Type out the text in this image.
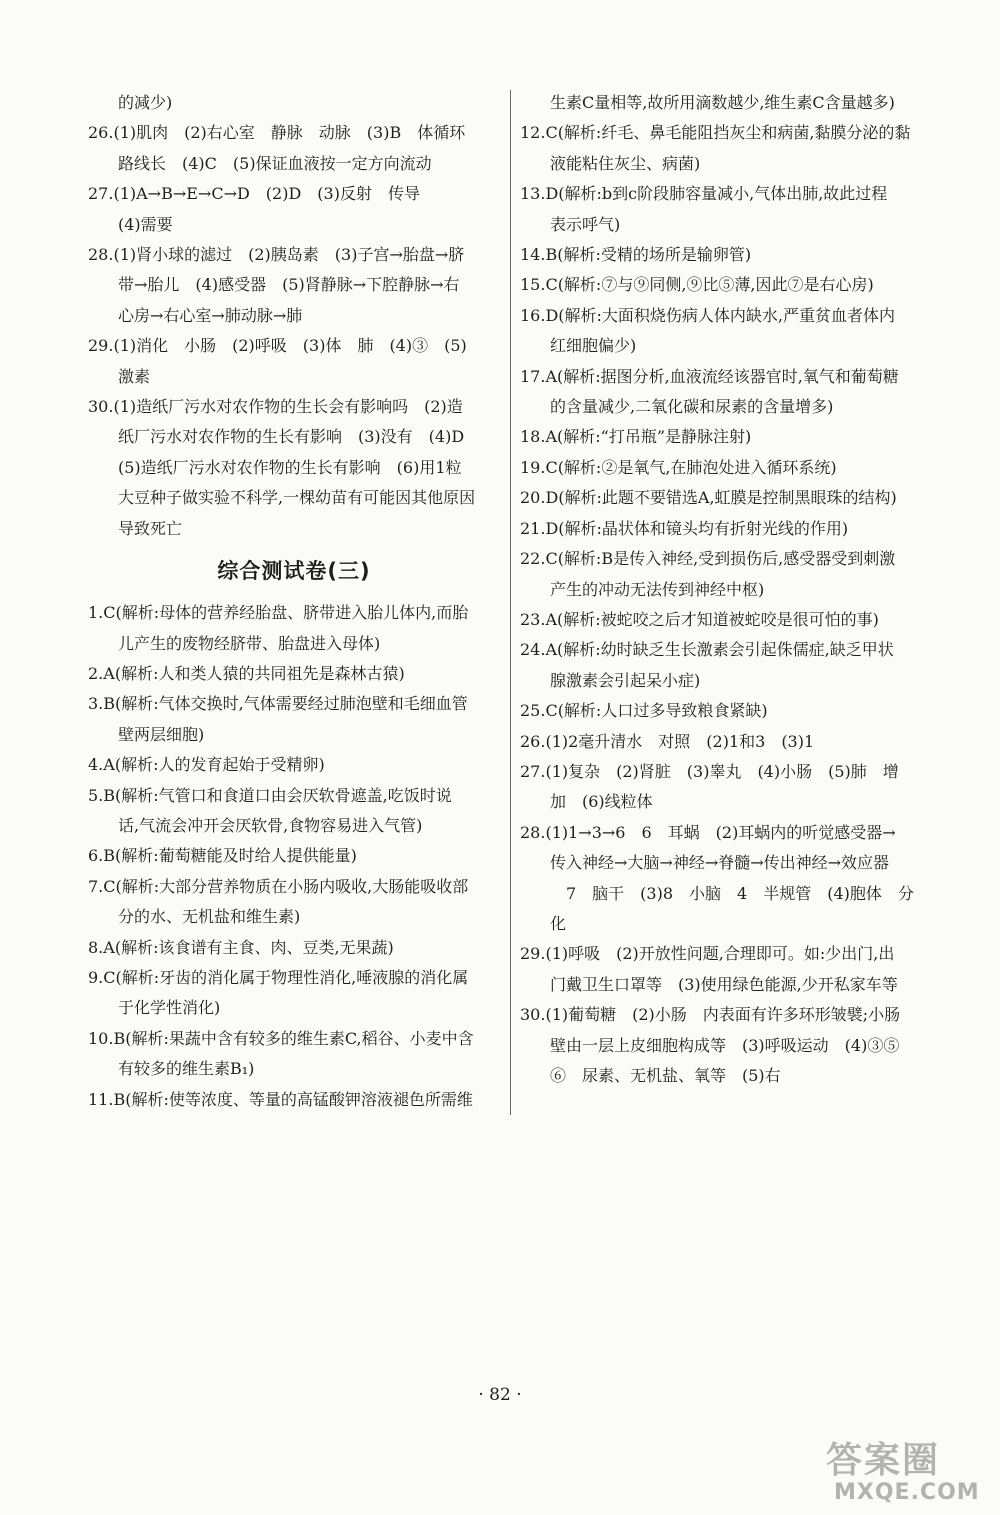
的减少)
26.(1)肌肉　(2)右心室　静脉　动脉　(3)B　体循环
路线长　(4)C　(5)保证血液按一定方向流动
27.(1)A→B→E→C→D　(2)D　(3)反射　传导
(4)需要
28.(1)肾小球的滤过　(2)胰岛素　(3)子宫→胎盘→脐
带→胎儿　(4)感受器　(5)肾静脉→下腔静脉→右
心房→右心室→肺动脉→肺
29.(1)消化　小肠　(2)呼吸　(3)体　肺　(4)③　(5)
激素
30.(1)造纸厂污水对农作物的生长会有影响吗　(2)造
纸厂污水对农作物的生长有影响　(3)没有　(4)D
(5)造纸厂污水对农作物的生长有影响　(6)用1粒
大豆种子做实验不科学,一棵幼苗有可能因其他原因
导致死亡
综合测试卷(三)
1.C(解析:母体的营养经胎盘、脐带进入胎儿体内,而胎
儿产生的废物经脐带、胎盘进入母体)
2.A(解析:人和类人猿的共同祖先是森林古猿)
3.B(解析:气体交换时,气体需要经过肺泡壁和毛细血管
壁两层细胞)
4.A(解析:人的发育起始于受精卵)
5.B(解析:气管口和食道口由会厌软骨遮盖,吃饭时说
话,气流会冲开会厌软骨,食物容易进入气管)
6.B(解析:葡萄糖能及时给人提供能量)
7.C(解析:大部分营养物质在小肠内吸收,大肠能吸收部
分的水、无机盐和维生素)
8.A(解析:该食谱有主食、肉、豆类,无果蔬)
9.C(解析:牙齿的消化属于物理性消化,唾液腺的消化属
于化学性消化)
10.B(解析:果蔬中含有较多的维生素C,稻谷、小麦中含
有较多的维生素B₁)
11.B(解析:使等浓度、等量的高锰酸钾溶液褪色所需维
生素C量相等,故所用滴数越少,维生素C含量越多)
12.C(解析:纤毛、鼻毛能阻挡灰尘和病菌,黏膜分泌的黏
液能粘住灰尘、病菌)
13.D(解析:b到c阶段肺容量减小,气体出肺,故此过程
表示呼气)
14.B(解析:受精的场所是输卵管)
15.C(解析:⑦与⑨同侧,⑨比⑤薄,因此⑦是右心房)
16.D(解析:大面积烧伤病人体内缺水,严重贫血者体内
红细胞偏少)
17.A(解析:据图分析,血液流经该器官时,氧气和葡萄糖
的含量减少,二氧化碳和尿素的含量增多)
18.A(解析:“打吊瓶”是静脉注射)
19.C(解析:②是氧气,在肺泡处进入循环系统)
20.D(解析:此题不要错选A,虹膜是控制黑眼珠的结构)
21.D(解析:晶状体和镜头均有折射光线的作用)
22.C(解析:B是传入神经,受到损伤后,感受器受到刺激
产生的冲动无法传到神经中枢)
23.A(解析:被蛇咬之后才知道被蛇咬是很可怕的事)
24.A(解析:幼时缺乏生长激素会引起侏儒症,缺乏甲状
腺激素会引起呆小症)
25.C(解析:人口过多导致粮食紧缺)
26.(1)2毫升清水　对照　(2)1和3　(3)1
27.(1)复杂　(2)肾脏　(3)睾丸　(4)小肠　(5)肺　增
加　(6)线粒体
28.(1)1→3→6　6　耳蜗　(2)耳蜗内的听觉感受器→
传入神经→大脑→神经→脊髓→传出神经→效应器
　7　脑干　(3)8　小脑　4　半规管　(4)胞体　分
化
29.(1)呼吸　(2)开放性问题,合理即可。如:少出门,出
门戴卫生口罩等　(3)使用绿色能源,少开私家车等
30.(1)葡萄糖　(2)小肠　内表面有许多环形皱襞;小肠
壁由一层上皮细胞构成等　(3)呼吸运动　(4)③⑤
⑥　尿素、无机盐、氧等　(5)右
· 82 ·
答案圈
MXQE.COM
